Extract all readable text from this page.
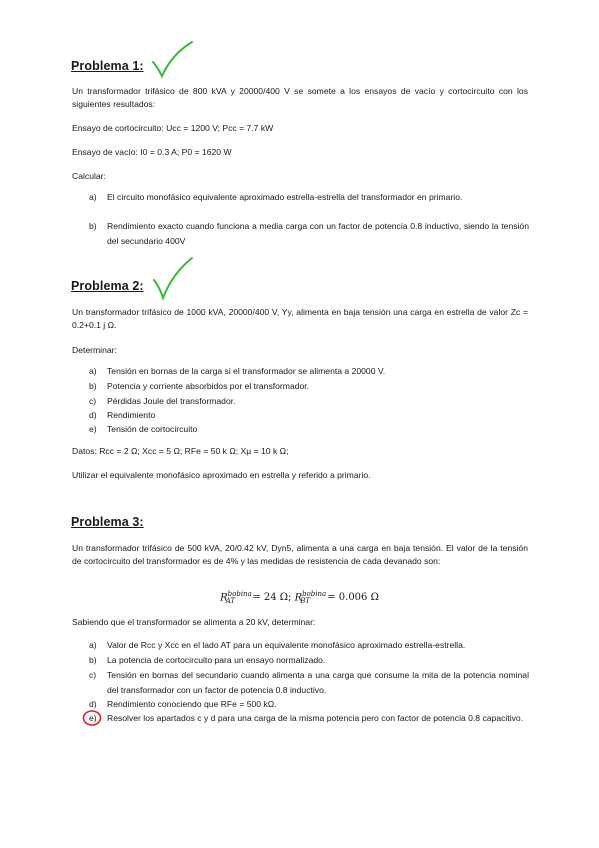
Problema 1:
Un transformador trifásico de 800 kVA y 20000/400 V se somete a los ensayos de vacío y cortocircuito con los siguientes resultados:
Ensayo de cortocircuito: Ucc = 1200 V; Pcc = 7.7 kW
Ensayo de vacío: I0 = 0.3 A; P0 = 1620 W
Calcular:
a)	El circuito monofásico equivalente aproximado estrella-estrella del transformador en primario.
b)	Rendimiento exacto cuando funciona a media carga con un factor de potencia 0.8 inductivo, siendo la tensión del secundario 400V
Problema 2:
Un transformador trifásico de 1000 kVA, 20000/400 V, Yy, alimenta en baja tensión una carga en estrella de valor Zc = 0.2+0.1 j Ω.
Determinar:
a)	Tensión en bornas de la carga si el transformador se alimenta a 20000 V.
b)	Potencia y corriente absorbidos por el transformador.
c)	Pérdidas Joule del transformador.
d)	Rendimiento
e)	Tensión de cortocircuito
Datos: Rcc = 2 Ω; Xcc = 5 Ω; RFe = 50 k Ω; Xµ = 10 k Ω;
Utilizar el equivalente monofásico aproximado en estrella y referido a primario.
Problema 3:
Un transformador trifásico de 500 kVA, 20/0.42 kV, Dyn5, alimenta a una carga en baja tensión. El valor de la tensión de cortocircuito del transformador es de 4% y las medidas de resistencia de cada devanado son:
$R^{bobina}_{AT} = 24$ Ω; $R^{bobina}_{BT} = 0.006$ Ω
Sabiendo que el transformador se alimenta a 20 kV, determinar:
a)	Valor de Rcc y Xcc en el lado AT para un equivalente monofásico aproximado estrella-estrella.
b)	La potencia de cortocircuito para un ensayo normalizado.
c)	Tensión en bornas del secundario cuando alimenta a una carga que consume la mita de la potencia nominal del transformador con un factor de potencia 0.8 inductivo.
d)	Rendimiento conociendo que RFe = 500 kΩ.
e)	Resolver los apartados c y d para una carga de la misma potencia pero con factor de potencia 0.8 capacitivo.
